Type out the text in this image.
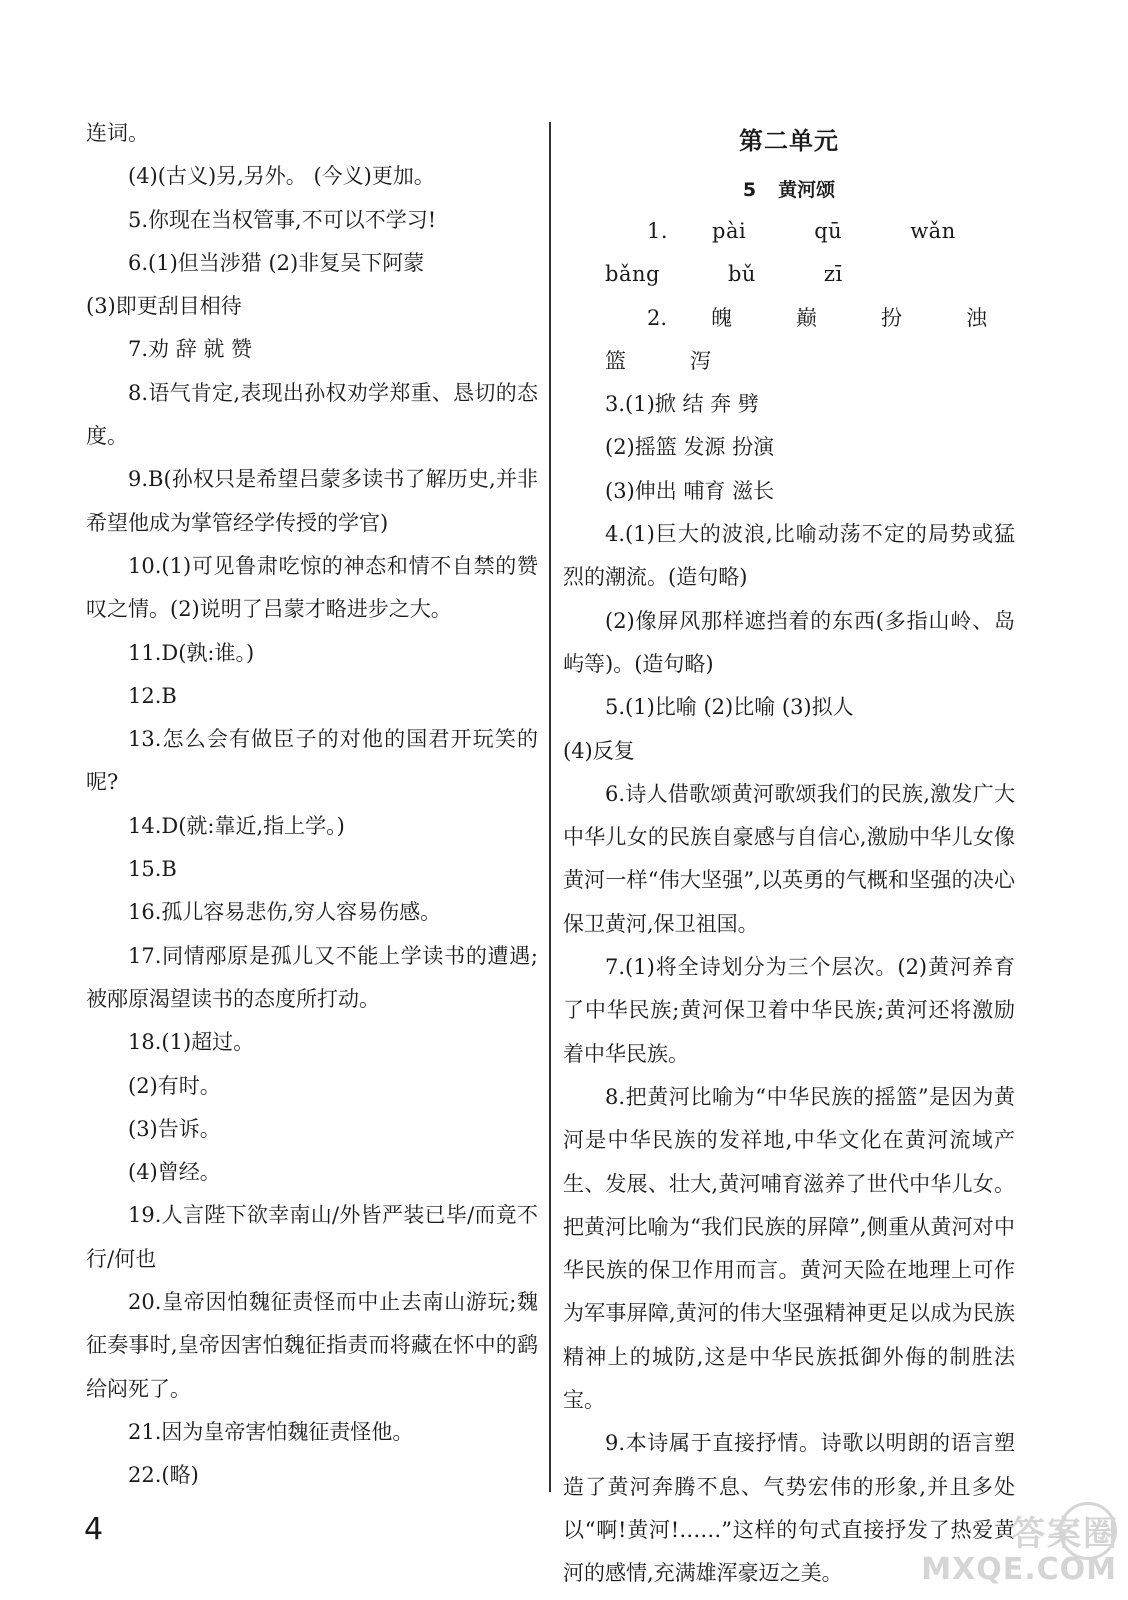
连词。

(4)(古义)另,另外。 (今义)更加。

5.你现在当权管事,不可以不学习!

6.(1)但当涉猎 (2)非复吴下阿蒙

(3)即更刮目相待

7.劝 辞 就 赞

8.语气肯定,表现出孙权劝学郑重、恳切的态度。

9.B(孙权只是希望吕蒙多读书了解历史,并非希望他成为掌管经学传授的学官)

10.(1)可见鲁肃吃惊的神态和情不自禁的赞叹之情。(2)说明了吕蒙才略进步之大。

11.D(孰:谁。)

12.B

13.怎么会有做臣子的对他的国君开玩笑的呢?

14.D(就:靠近,指上学。)

15.B

16.孤儿容易悲伤,穷人容易伤感。

17.同情邴原是孤儿又不能上学读书的遭遇;被邴原渴望读书的态度所打动。

18.(1)超过。

(2)有时。

(3)告诉。

(4)曾经。

19.人言陛下欲幸南山/外皆严装已毕/而竟不行/何也

20.皇帝因怕魏征责怪而中止去南山游玩;魏征奏事时,皇帝因害怕魏征指责而将藏在怀中的鹞给闷死了。

21.因为皇帝害怕魏征责怪他。

22.(略)

第二单元
5 黄河颂

1. pài	qū	wǎnbǎng	bǔ	zī

2. 魄	巅	扮	浊篮	泻

3.(1)掀 结 奔 劈

(2)摇篮 发源 扮演

(3)伸出 哺育 滋长

4.(1)巨大的波浪,比喻动荡不定的局势或猛烈的潮流。(造句略)

(2)像屏风那样遮挡着的东西(多指山岭、岛屿等)。(造句略)

5.(1)比喻 (2)比喻 (3)拟人

(4)反复

6.诗人借歌颂黄河歌颂我们的民族,激发广大中华儿女的民族自豪感与自信心,激励中华儿女像黄河一样“伟大坚强”,以英勇的气概和坚强的决心保卫黄河,保卫祖国。

7.(1)将全诗划分为三个层次。(2)黄河养育了中华民族;黄河保卫着中华民族;黄河还将激励着中华民族。

8.把黄河比喻为“中华民族的摇篮”是因为黄河是中华民族的发祥地,中华文化在黄河流域产生、发展、壮大,黄河哺育滋养了世代中华儿女。把黄河比喻为“我们民族的屏障”,侧重从黄河对中华民族的保卫作用而言。黄河天险在地理上可作为军事屏障,黄河的伟大坚强精神更足以成为民族精神上的城防,这是中华民族抵御外侮的制胜法宝。

9.本诗属于直接抒情。诗歌以明朗的语言塑造了黄河奔腾不息、气势宏伟的形象,并且多处以“啊!黄河!……”这样的句式直接抒发了热爱黄河的感情,充满雄浑豪迈之美。

4	答案圈
MXQE.COM
